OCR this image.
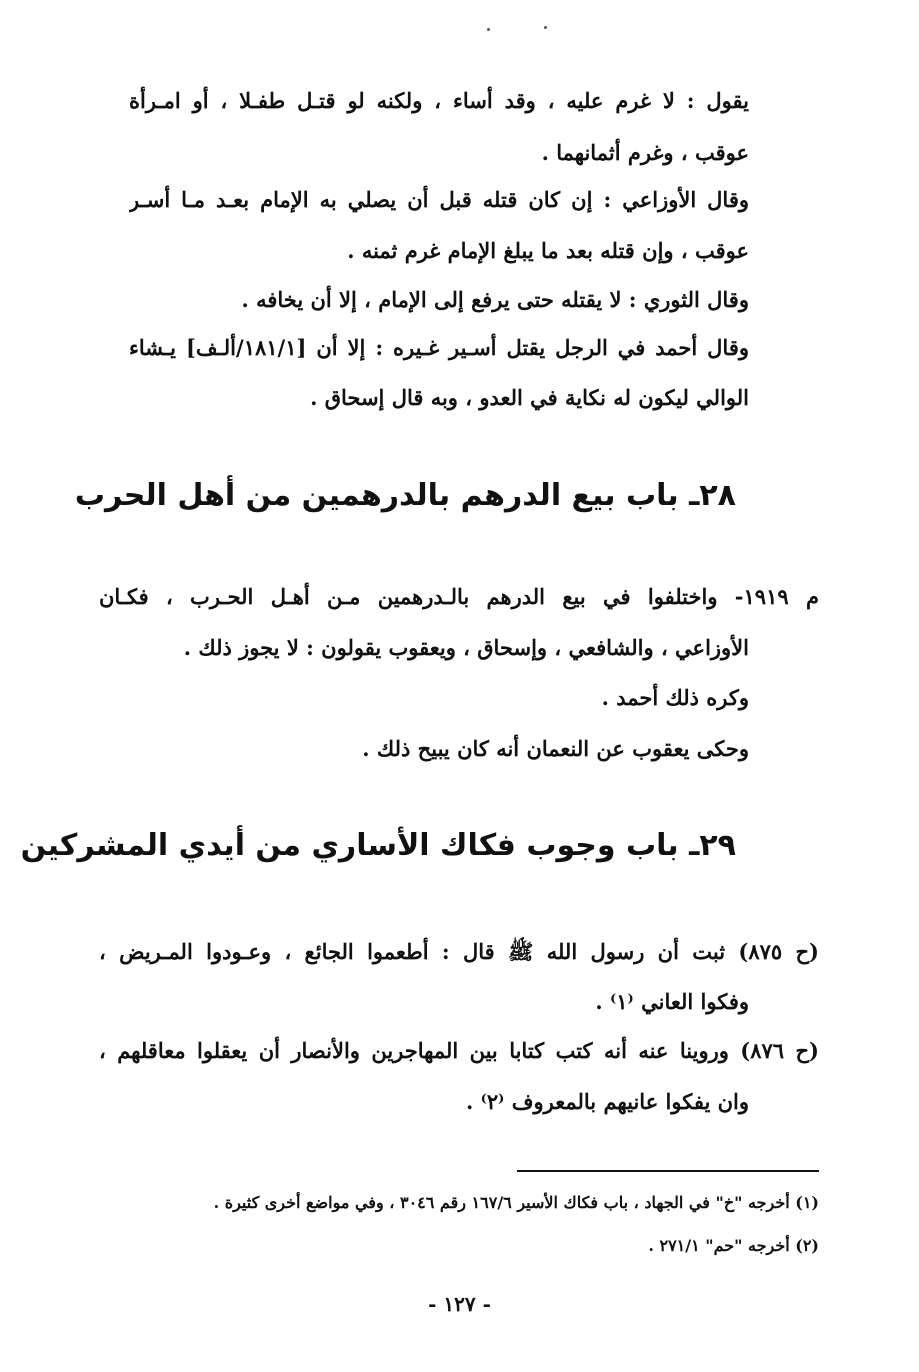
يقول : لا غرم عليه ، وقد أساء ، ولكنه لو قتـل طفـلا ، أو امـرأة
عوقب ، وغرم أثمانهما .
وقال الأوزاعي : إن كان قتله قبل أن يصلي به الإمام بعـد مـا أسـر
عوقب ، وإن قتله بعد ما يبلغ الإمام غرم ثمنه .
وقال الثوري : لا يقتله حتى يرفع إلى الإمام ، إلا أن يخافه .
وقال أحمد في الرجل يقتل أسـير غـيره : إلا أن [١٨١/١/ألـف] يـشاء
الوالي ليكون له نكاية في العدو ، وبه قال إسحاق .
٢٨ـ باب بيع الدرهم بالدرهمين من أهل الحرب
م ١٩١٩- واختلفوا في بيع الدرهم بالـدرهمين مـن أهـل الحـرب ، فكـان
الأوزاعي ، والشافعي ، وإسحاق ، ويعقوب يقولون : لا يجوز ذلك .
وكره ذلك أحمد .
وحكى يعقوب عن النعمان أنه كان يبيح ذلك .
٢٩ـ باب وجوب فكاك الأساري من أيدي المشركين
(ح ٨٧٥) ثبت أن رسول الله ﷺ قال : أطعموا الجائع ، وعـودوا المـريض ،
وفكوا العاني ⁽١⁾ .
(ح ٨٧٦) وروينا عنه أنه كتب كتابا بين المهاجرين والأنصار أن يعقلوا معاقلهم ،
وان يفكوا عانيهم بالمعروف ⁽٢⁾ .
(١) أخرجه "خ" في الجهاد ، باب فكاك الأسير ١٦٧/٦ رقم ٣٠٤٦ ، وفي مواضع أخرى كثيرة .
(٢) أخرجه "حم" ٢٧١/١ .
- ١٢٧ -
